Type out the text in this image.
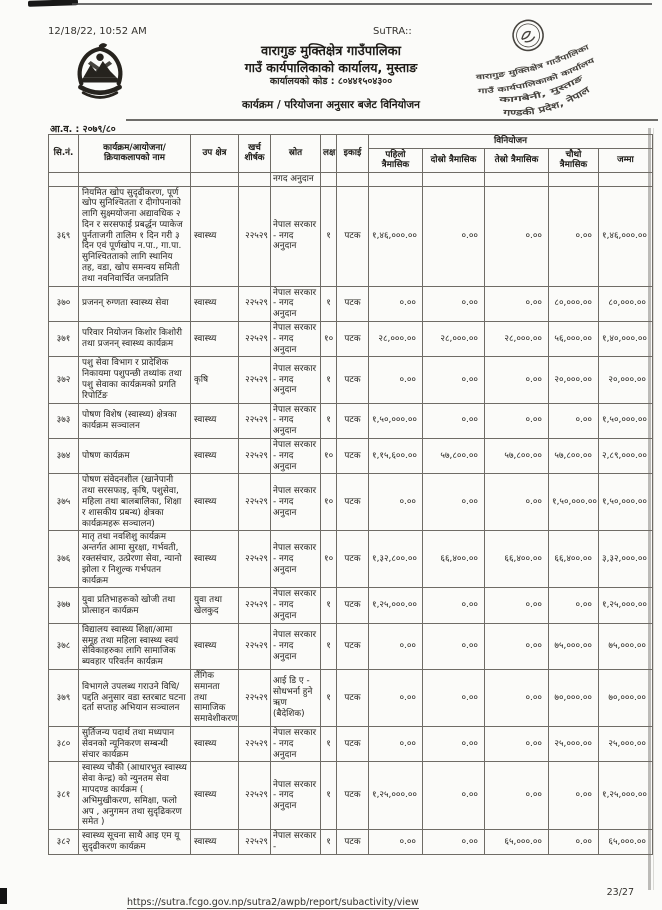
12/18/22, 10:52 AM	SuTRA::
वारागुङ मुक्तिक्षेत्र गाउँपालिका
गाउँ कार्यपालिकाको कार्यालय, मुस्ताङ
कार्यालयको कोड : ८०४४१५०४३००
कार्यक्रम / परियोजना अनुसार बजेट विनियोजन
वारागुङ मुक्तिक्षेत्र गाउँपालिका
गाउँ कार्यपालिकाको कार्यालय
कागबेनी, मुस्ताङ
गण्डकी प्रदेश, नेपाल
आ.व. : २०७९/८०
सि.नं.	कार्यक्रम/आयोजना/ क्रियाकलापको नाम	उप क्षेत्र	खर्च शीर्षक	स्रोत	लक्ष	इकाई	विनियोजन				
							पहिलो त्रैमासिक	दोस्रो त्रैमासिक	तेस्रो त्रैमासिक	चौथो त्रैमासिक	जम्मा
				नगद अनुदान							
३६९	नियमित खोप सुदृढीकरण, पूर्ण खोप सुनिश्चितता र दीगोपनाको लागि सुक्ष्मयोजना अद्यावधिक २ दिन र सरसफाई प्रबर्द्धन प्याकेज पुर्नताजगी तालिम १ दिन गरी ३ दिन एवं पूर्णखोप न.पा., गा.पा. सुनिश्चितताको लागि स्थानिय तह, वडा, खोप समन्वय समिती तथा नवनिवार्चित जनप्रतिनि	स्वास्थ्य	२२५२९	नेपाल सरकार - नगद अनुदान	१	पटक	१,४६,०००.००	०.००	०.००	०.००	१,४६,०००.००
३७०	प्रजनन् रुग्णता स्वास्थ्य सेवा	स्वास्थ्य	२२५२९	नेपाल सरकार - नगद अनुदान	१	पटक	०.००	०.००	०.००	८०,०००.००	८०,०००.००
३७१	परिवार नियोजन किशोर किशोरी तथा प्रजनन् स्वास्थ्य कार्यक्रम	स्वास्थ्य	२२५२९	नेपाल सरकार - नगद अनुदान	१०	पटक	२८,०००.००	२८,०००.००	२८,०००.००	५६,०००.००	१,४०,०००.००
३७२	पशु सेवा विभाग र प्रादेशिक निकायमा पशुपन्छी तथ्यांक तथा पशु सेवाका कार्यक्रमको प्रगति रिपोर्टिङ	कृषि	२२५२९	नेपाल सरकार - नगद अनुदान	१	पटक	०.००	०.००	०.००	२०,०००.००	२०,०००.००
३७३	पोषण विशेष (स्वास्थ्य) क्षेत्रका कार्यक्रम सञ्चालन	स्वास्थ्य	२२५२९	नेपाल सरकार - नगद अनुदान	१	पटक	१,५०,०००.००	०.००	०.००	०.००	१,५०,०००.००
३७४	पोषण कार्यक्रम	स्वास्थ्य	२२५२९	नेपाल सरकार - नगद अनुदान	१०	पटक	१,१५,६००.००	५७,८००.००	५७,८००.००	५७,८००.००	२,८९,०००.००
३७५	पोषण संवेदनशील (खानेपानी तथा सरसफाइ, कृषि, पशुसेवा, महिला तथा बालबालिका, शिक्षा र शासकीय प्रबन्ध) क्षेत्रका कार्यक्रमहरू सञ्चालन)	स्वास्थ्य	२२५२९	नेपाल सरकार - नगद अनुदान	१०	पटक	०.००	०.००	०.००	१,५०,०००.००	१,५०,०००.००
३७६	मातृ तथा नवशिशु कार्यक्रम अन्तर्गत आमा सुरक्षा, गर्भवती, रक्तसंचार, उत्प्रेरणा सेवा, न्यानो झोला र निशुल्क गर्भपतन कार्यक्रम	स्वास्थ्य	२२५२९	नेपाल सरकार - नगद अनुदान	१०	पटक	१,३२,८००.००	६६,४००.००	६६,४००.००	६६,४००.००	३,३२,०००.००
३७७	युवा प्रतिभाहरूको खोजी तथा प्रोत्साहन कार्यक्रम	युवा तथा खेलकुद	२२५२९	नेपाल सरकार - नगद अनुदान	१	पटक	१,२५,०००.००	०.००	०.००	०.००	१,२५,०००.००
३७८	विद्यालय स्वास्थ्य शिक्षा/आमा समूह तथा महिला स्वास्थ्य स्वयं सेविकाहरुका लागि सामाजिक ब्यवहार परिवर्तन कार्यक्रम	स्वास्थ्य	२२५२९	नेपाल सरकार - नगद अनुदान	१	पटक	०.००	०.००	०.००	७५,०००.००	७५,०००.००
३७९	विभागले उपलब्ध गराउने विधि/पद्दति अनुसार वडा स्तरबाट घटना दर्ता सप्ताह अभियान सञ्चालन	लैंगिक समानता तथा सामाजिक समावेशीकरण	२२५२९	आई डि ए - सोधभर्ना हुने ऋण (बैदेशिक)	१	पटक	०.००	०.००	०.००	७०,०००.००	७०,०००.००
३८०	सुर्तिजन्य पदार्थ तथा मध्यपान सेवनको न्यूनिकरण सम्बन्धी संचार कार्यक्रम	स्वास्थ्य	२२५२९	नेपाल सरकार - नगद अनुदान	१	पटक	०.००	०.००	०.००	२५,०००.००	२५,०००.००
३८१	स्वास्थ्य चौकी (आधारभुत स्वास्थ्य सेवा केन्द्र) को न्युनतम सेवा मापदण्ड कार्यक्रम ( अभिमुखीकरण, समिक्षा, फलो अप , अनुगमन तथा सुदृढिकरण समेत )	स्वास्थ्य	२२५२९	नेपाल सरकार - नगद अनुदान	१	पटक	१,२५,०००.००	०.००	०.००	०.००	१,२५,०००.००
३८२	स्वास्थ्य सूचना साथै आइ एम यू सुदृढीकरण कार्यक्रम	स्वास्थ्य	२२५२९	नेपाल सरकार -	१	पटक	०.००	०.००	६५,०००.००	०.००	६५,०००.००
https://sutra.fcgo.gov.np/sutra2/awpb/report/subactivity/view
23/27
